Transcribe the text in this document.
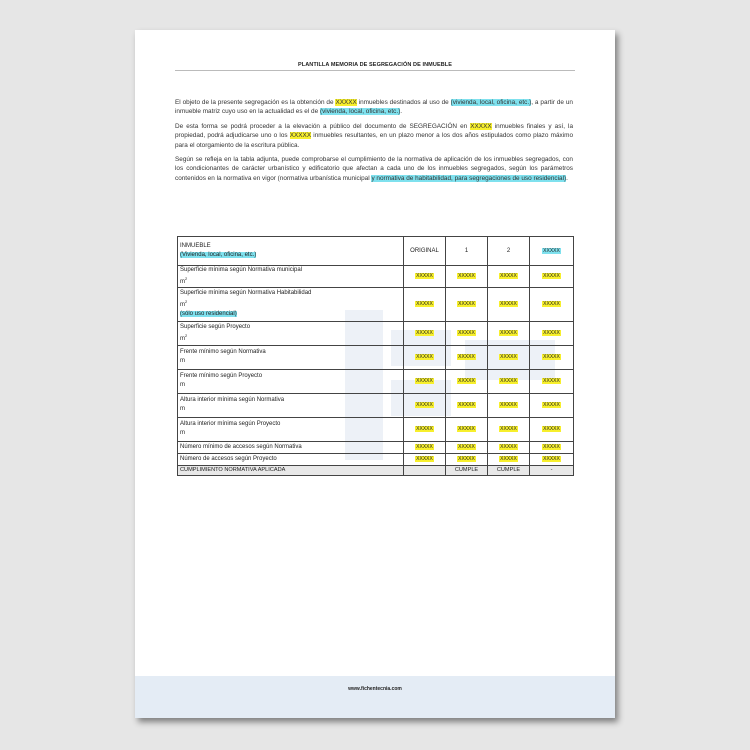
PLANTILLA MEMORIA DE SEGREGACIÓN DE INMUEBLE

El objeto de la presente segregación es la obtención de XXXXX inmuebles destinados al uso de (vivienda, local, oficina, etc.), a partir de un inmueble matriz cuyo uso en la actualidad es el de (vivienda, local, oficina, etc.).

De esta forma se podrá proceder a la elevación a público del documento de SEGREGACIÓN en XXXXX inmuebles finales y así, la propiedad, podrá adjudicarse uno o los XXXXX inmuebles resultantes, en un plazo menor a los dos años estipulados como plazo máximo para el otorgamiento de la escritura pública.

Según se refleja en la tabla adjunta, puede comprobarse el cumplimiento de la normativa de aplicación de los inmuebles segregados, con los condicionantes de carácter urbanístico y edificatorio que afectan a cada uno de los inmuebles segregados, según los parámetros contenidos en la normativa en vigor (normativa urbanística municipal y normativa de habitabilidad, para segregaciones de uso residencial).

INMUEBLE
(Vivienda, local, oficina, etc.)	ORIGINAL	1	2	XXXXX

Superficie mínima según Normativa municipal
$m^2$	XXXXX	XXXXX	XXXXX	XXXXX

Superficie mínima según Normativa Habitabilidad
$m^2$
(sólo uso residencial)	XXXXX	XXXXX	XXXXX	XXXXX

Superficie según Proyecto
$m^2$	XXXXX	XXXXX	XXXXX	XXXXX

Frente mínimo según Normativa
m	XXXXX	XXXXX	XXXXX	XXXXX

Frente mínimo según Proyecto
m	XXXXX	XXXXX	XXXXX	XXXXX

Altura interior mínima según Normativa
m	XXXXX	XXXXX	XXXXX	XXXXX

Altura interior mínima según Proyecto
m	XXXXX	XXXXX	XXXXX	XXXXX

Número mínimo de accesos según Normativa	XXXXX	XXXXX	XXXXX	XXXXX

Número de accesos según Proyecto	XXXXX	XXXXX	XXXXX	XXXXX
CUMPLIMIENTO NORMATIVA APLICADA		CUMPLE	CUMPLE	-
www.fichentecnia.com
